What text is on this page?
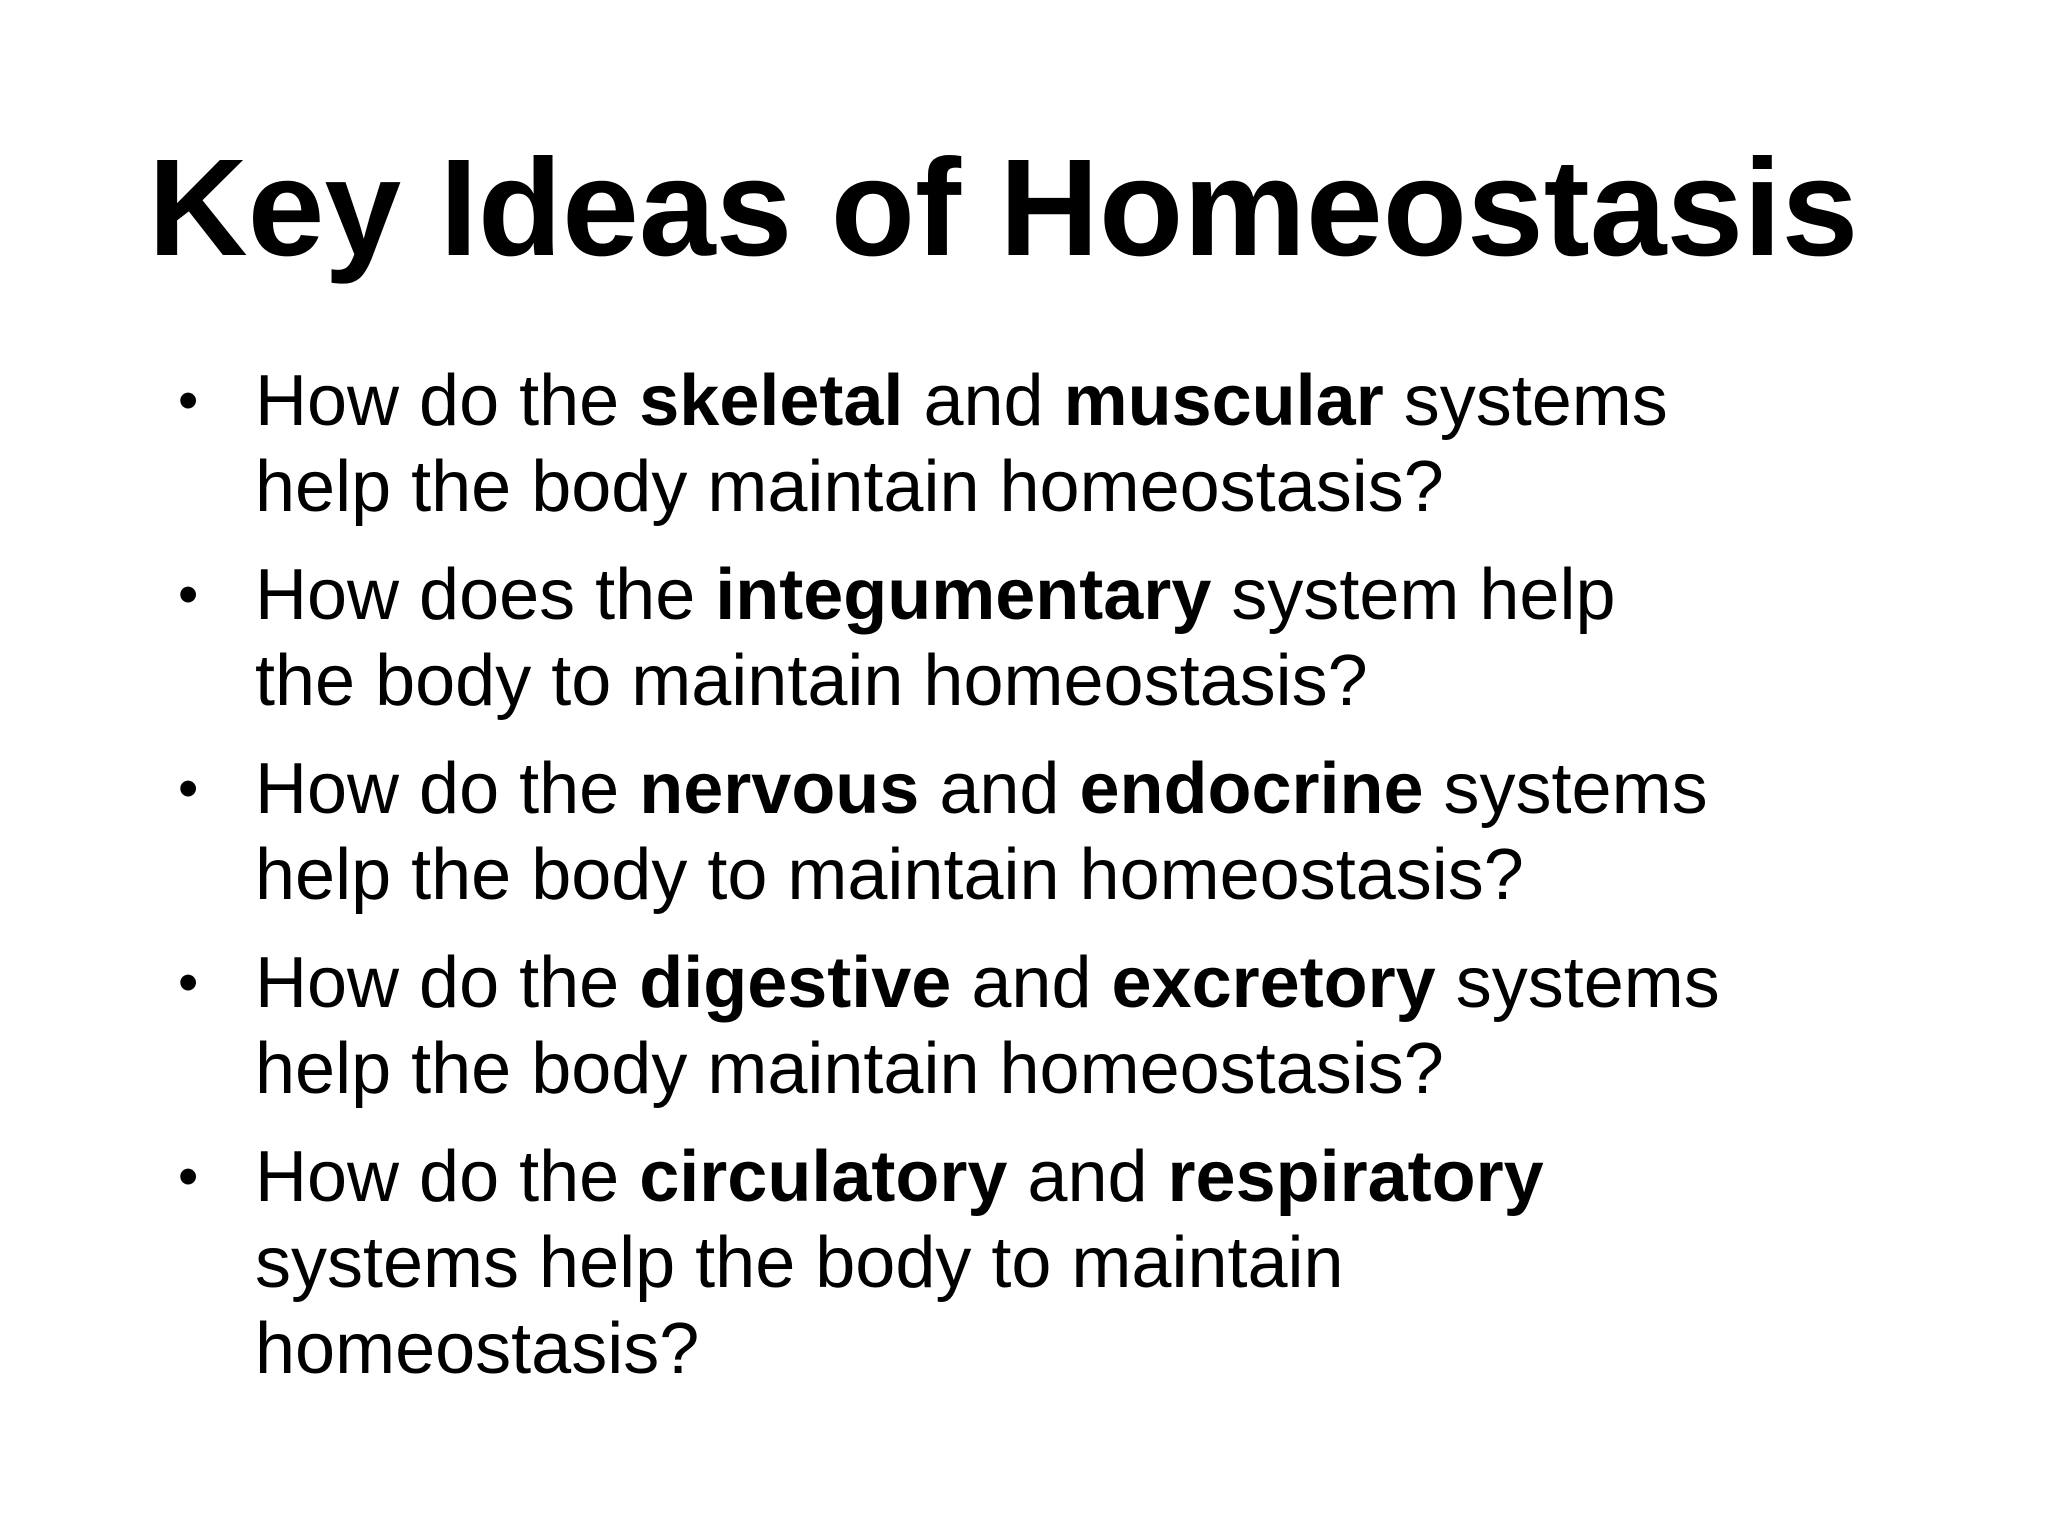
Key Ideas of Homeostasis
• How do the skeletal and muscular systems
help the body maintain homeostasis?
• How does the integumentary system help
the body to maintain homeostasis?
• How do the nervous and endocrine systems
help the body to maintain homeostasis?
• How do the digestive and excretory systems
help the body maintain homeostasis?
• How do the circulatory and respiratory
systems help the body to maintain
homeostasis?
